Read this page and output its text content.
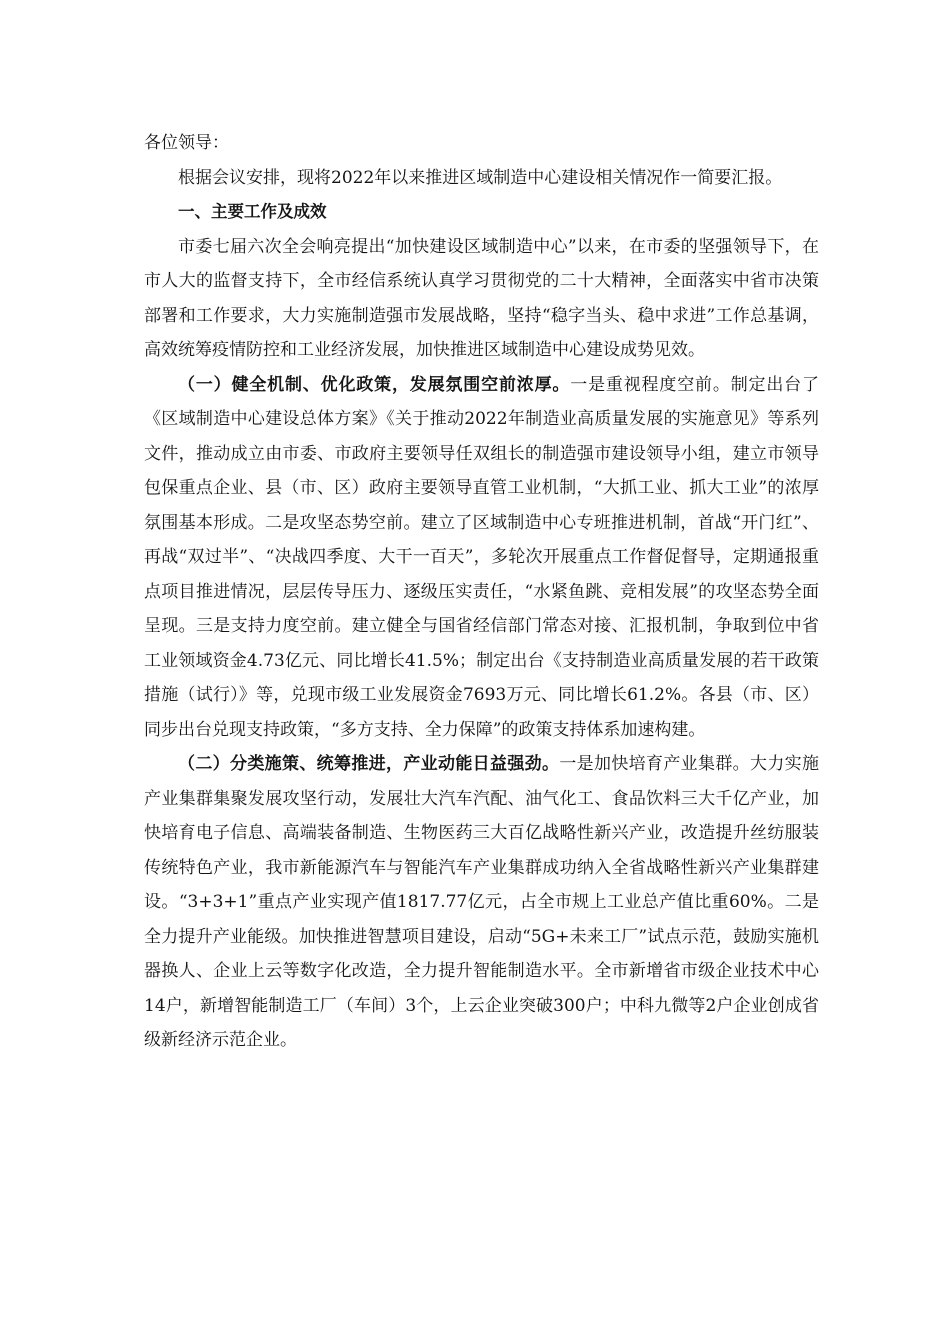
各位领导：

根据会议安排，现将2022年以来推进区域制造中心建设相关情况作一简要汇报。

一、主要工作及成效

市委七届六次全会响亮提出“加快建设区域制造中心”以来，在市委的坚强领导下，在市人大的监督支持下，全市经信系统认真学习贯彻党的二十大精神，全面落实中省市决策部署和工作要求，大力实施制造强市发展战略，坚持“稳字当头、稳中求进”工作总基调，高效统筹疫情防控和工业经济发展，加快推进区域制造中心建设成势见效。

（一）健全机制、优化政策，发展氛围空前浓厚。一是重视程度空前。制定出台了《区域制造中心建设总体方案》《关于推动2022年制造业高质量发展的实施意见》等系列文件，推动成立由市委、市政府主要领导任双组长的制造强市建设领导小组，建立市领导包保重点企业、县（市、区）政府主要领导直管工业机制，“大抓工业、抓大工业”的浓厚氛围基本形成。二是攻坚态势空前。建立了区域制造中心专班推进机制，首战“开门红”、再战“双过半”、“决战四季度、大干一百天”，多轮次开展重点工作督促督导，定期通报重点项目推进情况，层层传导压力、逐级压实责任，“水紧鱼跳、竞相发展”的攻坚态势全面呈现。三是支持力度空前。建立健全与国省经信部门常态对接、汇报机制，争取到位中省工业领域资金4.73亿元、同比增长41.5%；制定出台《支持制造业高质量发展的若干政策措施（试行）》等，兑现市级工业发展资金7693万元、同比增长61.2%。各县（市、区）同步出台兑现支持政策，“多方支持、全力保障”的政策支持体系加速构建。

（二）分类施策、统筹推进，产业动能日益强劲。一是加快培育产业集群。大力实施产业集群集聚发展攻坚行动，发展壮大汽车汽配、油气化工、食品饮料三大千亿产业，加快培育电子信息、高端装备制造、生物医药三大百亿战略性新兴产业，改造提升丝纺服装传统特色产业，我市新能源汽车与智能汽车产业集群成功纳入全省战略性新兴产业集群建设。“3+3+1”重点产业实现产值1817.77亿元，占全市规上工业总产值比重60%。二是全力提升产业能级。加快推进智慧项目建设，启动“5G+未来工厂”试点示范，鼓励实施机器换人、企业上云等数字化改造，全力提升智能制造水平。全市新增省市级企业技术中心14户，新增智能制造工厂（车间）3个，上云企业突破300户；中科九微等2户企业创成省级新经济示范企业。
